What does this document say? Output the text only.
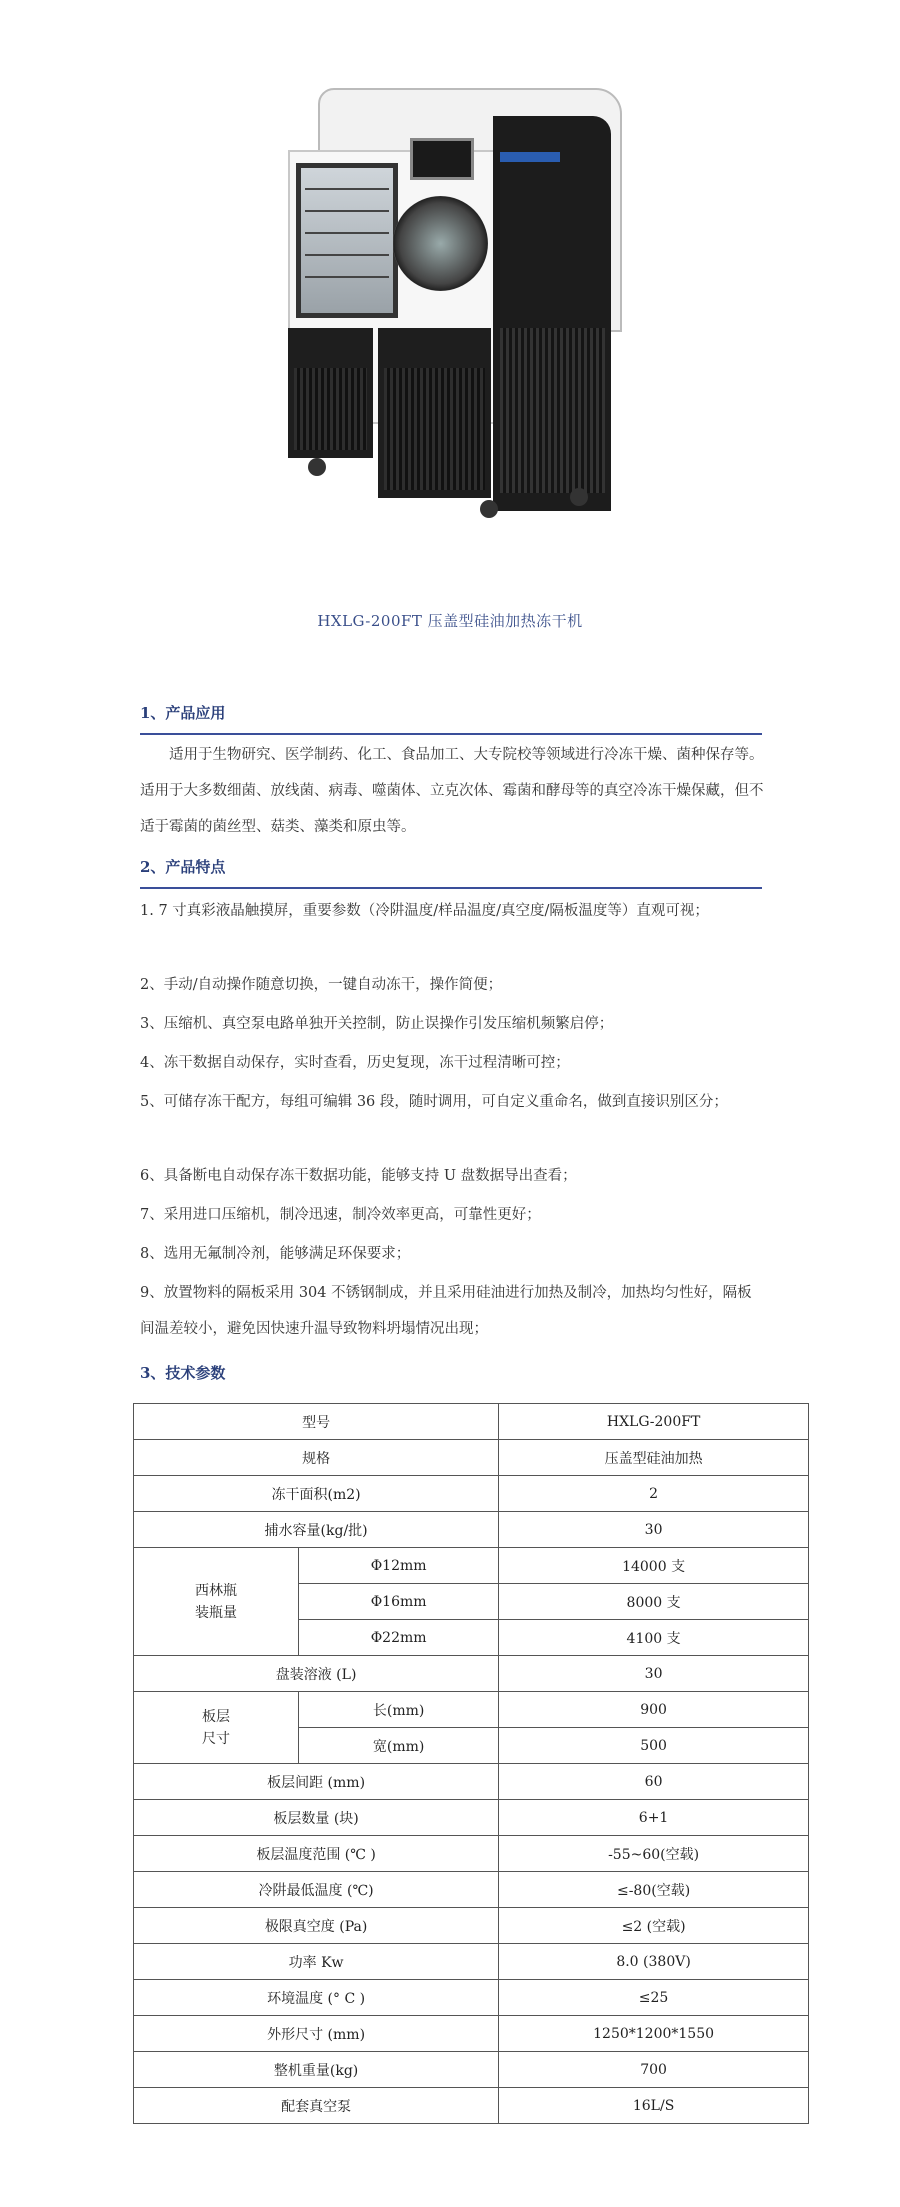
HXLG-200FT 压盖型硅油加热冻干机
1、产品应用
适用于生物研究、医学制药、化工、食品加工、大专院校等领域进行冷冻干燥、菌种保存等。适用于大多数细菌、放线菌、病毒、噬菌体、立克次体、霉菌和酵母等的真空冷冻干燥保藏，但不适于霉菌的菌丝型、菇类、藻类和原虫等。
2、产品特点
1. 7 寸真彩液晶触摸屏，重要参数（冷阱温度/样品温度/真空度/隔板温度等）直观可视；
2、手动/自动操作随意切换，一键自动冻干，操作简便；
3、压缩机、真空泵电路单独开关控制，防止误操作引发压缩机频繁启停；
4、冻干数据自动保存，实时查看，历史复现，冻干过程清晰可控；
5、可储存冻干配方，每组可编辑 36 段，随时调用，可自定义重命名，做到直接识别区分；
6、具备断电自动保存冻干数据功能，能够支持 U 盘数据导出查看；
7、采用进口压缩机，制冷迅速，制冷效率更高，可靠性更好；
8、选用无氟制冷剂，能够满足环保要求；
9、放置物料的隔板采用 304 不锈钢制成，并且采用硅油进行加热及制冷，加热均匀性好，隔板间温差较小，避免因快速升温导致物料坍塌情况出现；
3、技术参数
型号		HXLG-200FT
规格		压盖型硅油加热
冻干面积(m2)		2
捕水容量(kg/批)		30
西林瓶
装瓶量	Φ12mm	14000 支
	Φ16mm	8000 支
	Φ22mm	4100 支
盘装溶液 (L)		30
板层
尺寸	长(mm)	900
	宽(mm)	500
板层间距 (mm)		60
板层数量 (块)		6+1
板层温度范围 (℃ )		-55~60(空载)
冷阱最低温度 (℃)		≤-80(空载)
极限真空度 (Pa)		≤2 (空载)
功率 Kw		8.0 (380V)
环境温度 (° C )		≤25
外形尺寸 (mm)		1250*1200*1550
整机重量(kg)		700
配套真空泵		16L/S
